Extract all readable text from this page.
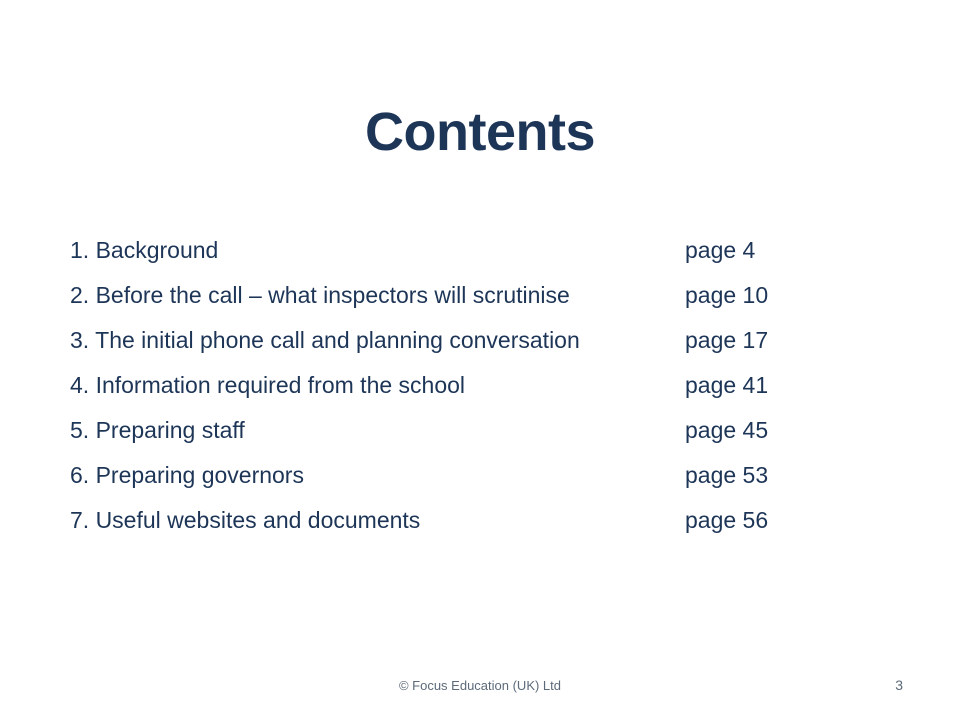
Contents
1. Background	page 4
2. Before the call – what inspectors will scrutinise	page 10
3. The initial phone call and planning conversation	page 17
4. Information required from the school	page 41
5. Preparing staff	page 45
6. Preparing governors	page 53
7. Useful websites and documents	page 56
© Focus Education (UK) Ltd	3
